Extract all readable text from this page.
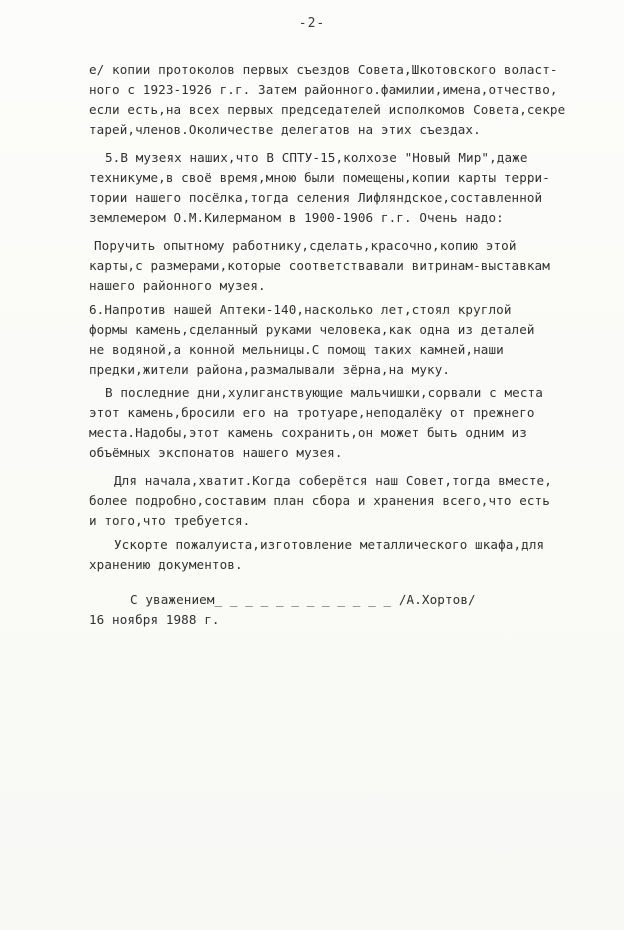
-2-
е/ копии протоколов первых съездов Совета,Шкотовского волаcт-
ного с 1923-1926 г.г. Затем районного.фамилии,имена,отчество,
если есть,на всех первых председателей исполкомов Совета,секре
тарей,членов.Околичестве делегатов на этих съездах.
5.В музеях наших,что В СПТУ-15,колхозе "Новый Мир",даже
техникуме,в своё время,мною были помещены,копии карты терри-
тории нашего посёлка,тогда селения Лифляндское,составленной
землемером О.М.Килерманом в 1900-1906 г.г. Очень надо:
Поручить опытному работнику,сделать,красочно,копию этой
карты,с размерами,которые соответствавали витринам-выставкам
нашего районного музея.
6.Напротив нашей Аптеки-140,насколько лет,стоял круглой
формы камень,сделанный руками человека,как одна из деталей
не водяной,а конной мельницы.С помощ таких камней,наши
предки,жители района,размалывали зёрна,на муку.
В последние дни,хулиганствующие мальчишки,сорвали с места
этот камень,бросили его на тротуаре,неподалёку от прежнего
места.Надобы,этот камень сохранить,он может быть одним из
объёмных экспонатов нашего музея.
Для начала,хватит.Когда соберётся наш Совет,тогда вместе,
более подробно,составим план сбора и хранения всего,что есть
и того,что требуется.
Ускорте пожалуиста,изготовление металлического шкафа,для
хранению документов.
С уважением_ _ _ _ _ _ _ _ _ _ _ _ /А.Хортов/
16 ноября 1988 г.
